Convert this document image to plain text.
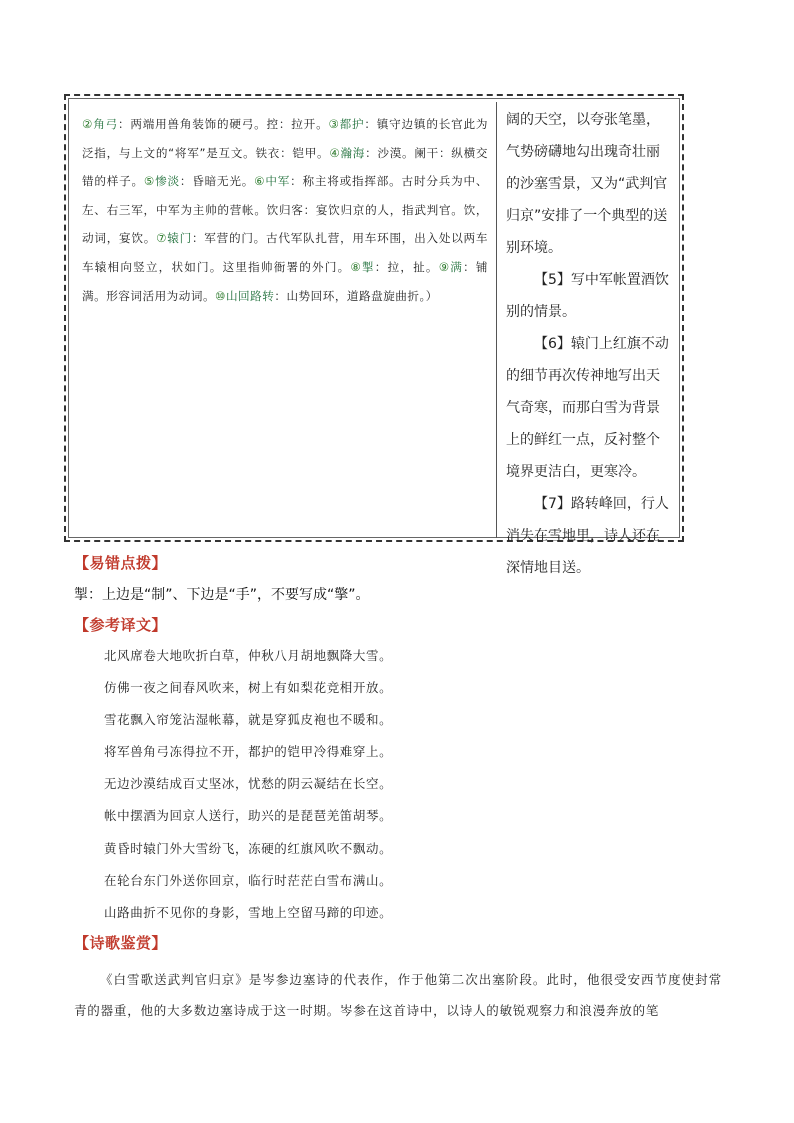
②角弓：两端用兽角装饰的硬弓。控：拉开。③都护：镇守边镇的长官此为泛指，与上文的“将军”是互文。铁衣：铠甲。④瀚海：沙漠。阑干：纵横交错的样子。⑤惨淡：昏暗无光。⑥中军：称主将或指挥部。古时分兵为中、左、右三军，中军为主帅的营帐。饮归客：宴饮归京的人，指武判官。饮，动词，宴饮。⑦辕门：军营的门。古代军队扎营，用车环围，出入处以两车车辕相向竖立，状如门。这里指帅衙署的外门。⑧掣：拉，扯。⑨满：铺满。形容词活用为动词。⑩山回路转：山势回环，道路盘旋曲折。）

阔的天空，以夸张笔墨，气势磅礴地勾出瑰奇壮丽的沙塞雪景，又为“武判官归京”安排了一个典型的送别环境。

【5】写中军帐置酒饮别的情景。

【6】辕门上红旗不动的细节再次传神地写出天气奇寒，而那白雪为背景上的鲜红一点，反衬整个境界更洁白，更寒冷。

【7】路转峰回，行人消失在雪地里，诗人还在深情地目送。

【易错点拨】
掣：上边是“制”、下边是“手”，不要写成“擎”。
【参考译文】
北风席卷大地吹折白草，仲秋八月胡地飘降大雪。
仿佛一夜之间春风吹来，树上有如梨花竞相开放。
雪花飘入帘笼沾湿帐幕，就是穿狐皮袍也不暖和。
将军兽角弓冻得拉不开，都护的铠甲冷得难穿上。
无边沙漠结成百丈坚冰，忧愁的阴云凝结在长空。
帐中摆酒为回京人送行，助兴的是琵琶羌笛胡琴。
黄昏时辕门外大雪纷飞，冻硬的红旗风吹不飘动。
在轮台东门外送你回京，临行时茫茫白雪布满山。
山路曲折不见你的身影，雪地上空留马蹄的印迹。
【诗歌鉴赏】
《白雪歌送武判官归京》是岑参边塞诗的代表作，作于他第二次出塞阶段。此时，他很受安西节度使封常青的器重，他的大多数边塞诗成于这一时期。岑参在这首诗中，以诗人的敏锐观察力和浪漫奔放的笔
